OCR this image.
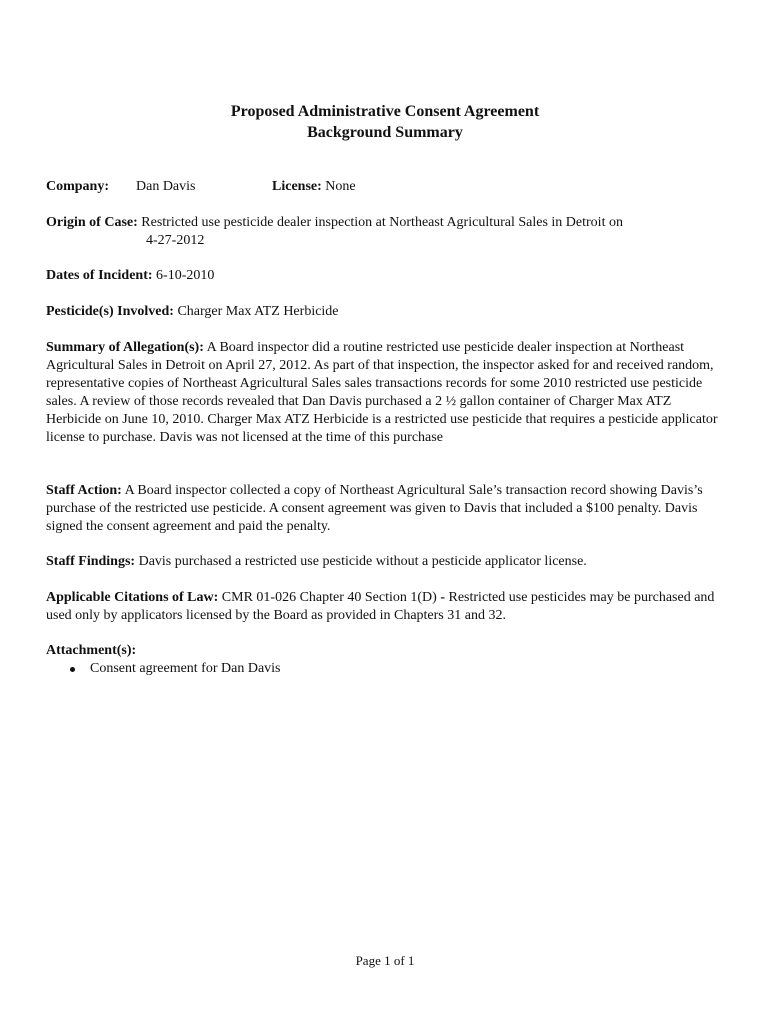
Proposed Administrative Consent Agreement
Background Summary
Company: Dan Davis	License: None
Origin of Case: Restricted use pesticide dealer inspection at Northeast Agricultural Sales in Detroit on
4-27-2012
Dates of Incident: 6-10-2010
Pesticide(s) Involved: Charger Max ATZ Herbicide
Summary of Allegation(s): A Board inspector did a routine restricted use pesticide dealer inspection at Northeast Agricultural Sales in Detroit on April 27, 2012. As part of that inspection, the inspector asked for and received random, representative copies of Northeast Agricultural Sales sales transactions records for some 2010 restricted use pesticide sales. A review of those records revealed that Dan Davis purchased a 2 ½ gallon container of Charger Max ATZ Herbicide on June 10, 2010. Charger Max ATZ Herbicide is a restricted use pesticide that requires a pesticide applicator license to purchase. Davis was not licensed at the time of this purchase
Staff Action: A Board inspector collected a copy of Northeast Agricultural Sale’s transaction record showing Davis’s purchase of the restricted use pesticide. A consent agreement was given to Davis that included a $100 penalty. Davis signed the consent agreement and paid the penalty.
Staff Findings: Davis purchased a restricted use pesticide without a pesticide applicator license.
Applicable Citations of Law: CMR 01-026 Chapter 40 Section 1(D) - Restricted use pesticides may be purchased and used only by applicators licensed by the Board as provided in Chapters 31 and 32.
Attachment(s):
Consent agreement for Dan Davis
Page 1 of 1
